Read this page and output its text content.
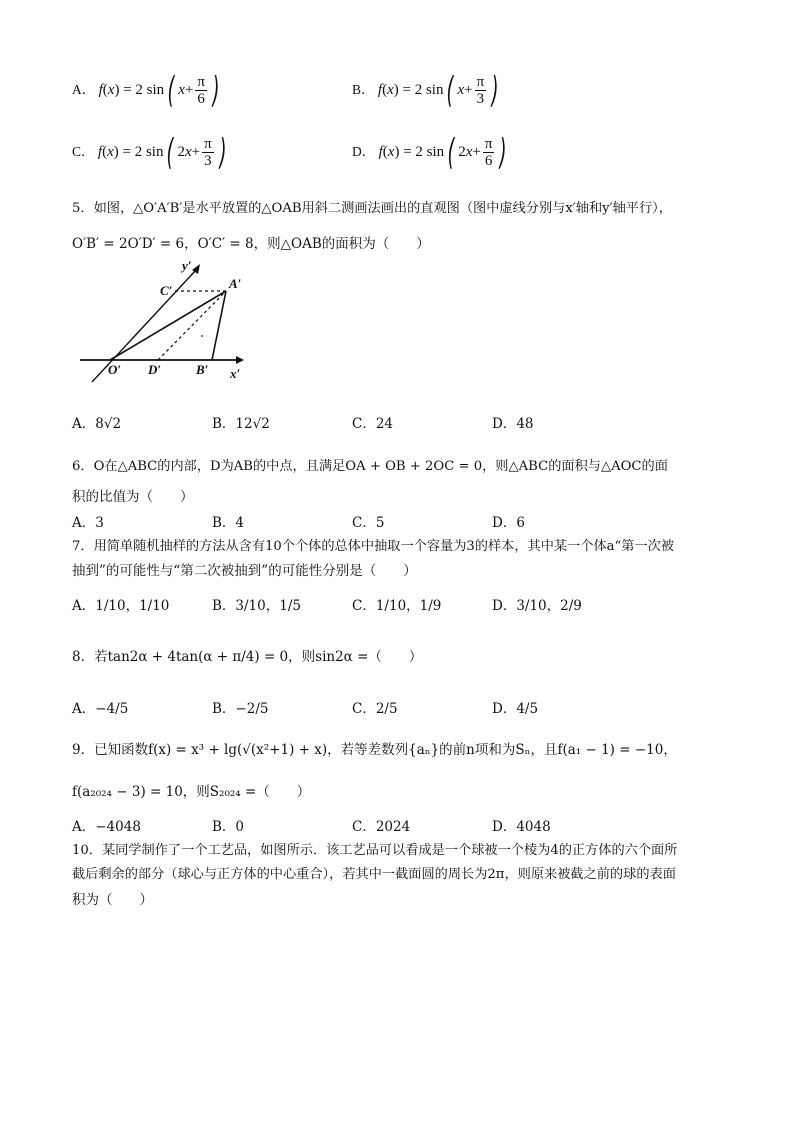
A． f(x) = 2 sin( $x+ \frac{\pi}{6}$ )	B． f(x) = 2 sin( $x+ \frac{\pi}{3}$ )
C． f(x) = 2 sin( $2x+ \frac{\pi}{3}$ )	D． f(x) = 2 sin( $2x+ \frac{\pi}{6}$ )
5．如图，△O′A′B′是水平放置的△OAB用斜二测画法画出的直观图（图中虚线分别与x′轴和y′轴平行），
O′B′ = 2O′D′ = 6，O′C′ = 8，则△OAB的面积为（　　）
y′
C′	A′
O′ D′	B′ x′
A．8√2	B．12√2	C．24	D．48
6．O在△ABC的内部，D为AB的中点，且满足OA + OB + 2OC = 0，则△ABC的面积与△AOC的面
积的比值为（　　）
A．3	B．4	C．5	D．6
7．用简单随机抽样的方法从含有10个个体的总体中抽取一个容量为3的样本，其中某一个体a“第一次被
抽到”的可能性与“第二次被抽到”的可能性分别是（　　）
A．1/10，1/10	B．3/10，1/5	C．1/10，1/9	D．3/10，2/9
8．若tan2α + 4tan(α + π/4) = 0，则sin2α =（　　）
A．−4/5	B．−2/5	C．2/5	D．4/5
9．已知函数f(x) = x³ + lg(√(x²+1) + x)，若等差数列{aₙ}的前n项和为Sₙ，且f(a₁ − 1) = −10，
f(a₂₀₂₄ − 3) = 10，则S₂₀₂₄ =（　　）
A．−4048	B．0	C．2024	D．4048
10．某同学制作了一个工艺品，如图所示．该工艺品可以看成是一个球被一个棱为4的正方体的六个面所
截后剩余的部分（球心与正方体的中心重合），若其中一截面圆的周长为2π，则原来被截之前的球的表面
积为（　　）
